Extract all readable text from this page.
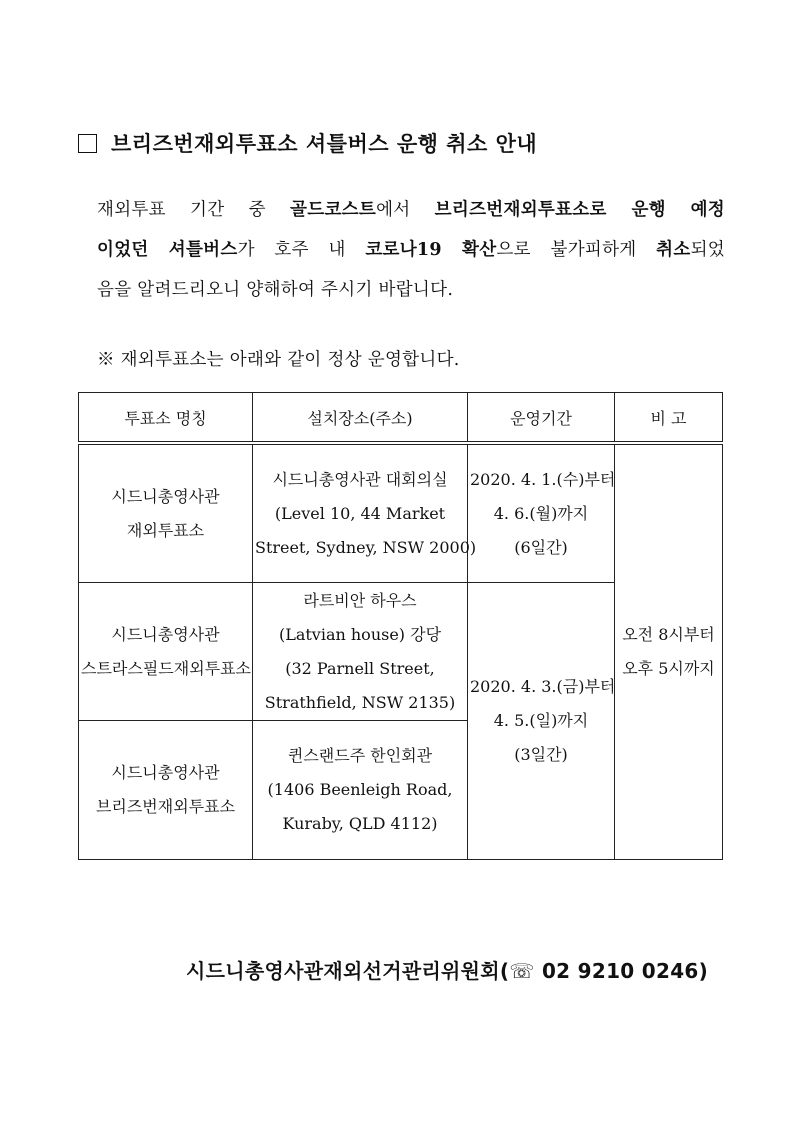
브리즈번재외투표소 셔틀버스 운행 취소 안내
재외투표 기간 중 골드코스트에서 브리즈번재외투표소로 운행 예정
이었던 셔틀버스가 호주 내 코로나19 확산으로 불가피하게 취소되었
음을 알려드리오니 양해하여 주시기 바랍니다.
※ 재외투표소는 아래와 같이 정상 운영합니다.
투표소 명칭	설치장소(주소)	운영기간	비 고

시드니총영사관
재외투표소	시드니총영사관 대회의실
(Level 10, 44 Market
Street, Sydney, NSW 2000)	2020. 4. 1.(수)부터
4. 6.(월)까지
(6일간)	오전 8시부터
오후 5시까지

시드니총영사관
스트라스필드재외투표소	라트비안 하우스
(Latvian house) 강당
(32 Parnell Street,
Strathfield, NSW 2135)	2020. 4. 3.(금)부터
4. 5.(일)까지
(3일간)	

시드니총영사관
브리즈번재외투표소	퀸스랜드주 한인회관
(1406 Beenleigh Road,
Kuraby, QLD 4112)		
시드니총영사관재외선거관리위원회(☏ 02 9210 0246)
